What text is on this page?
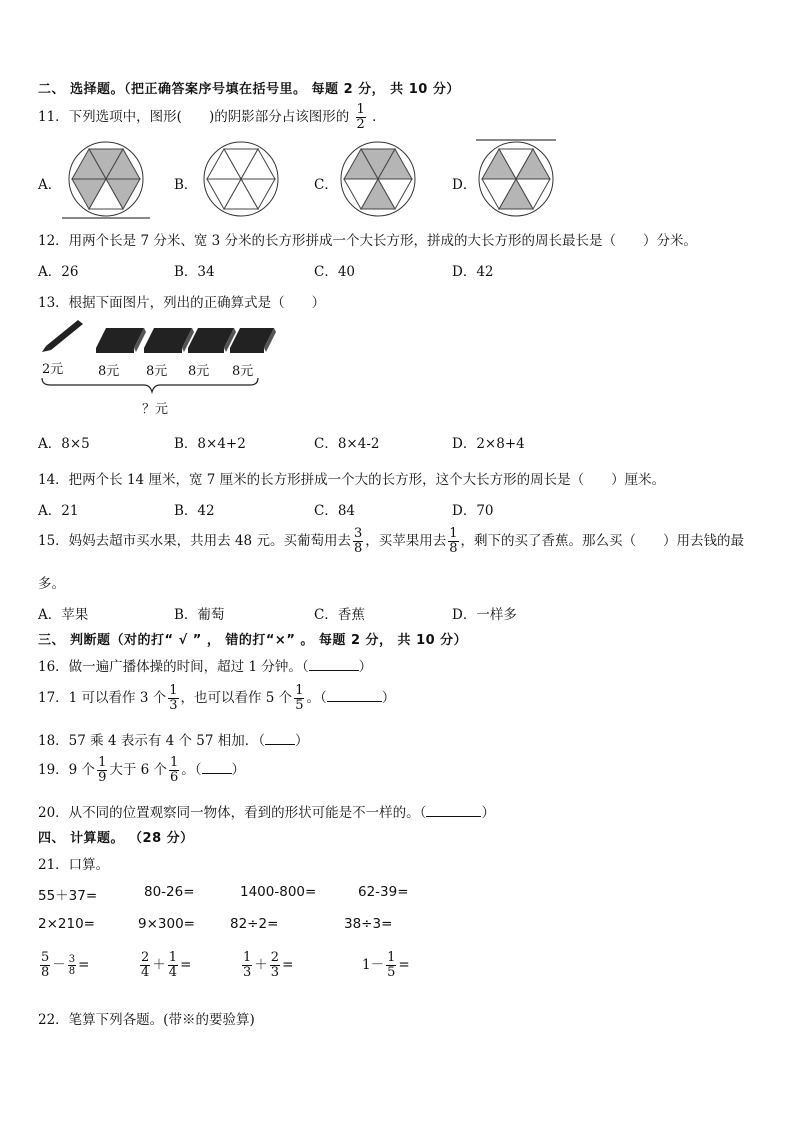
二、 选择题。（把正确答案序号填在括号里。 每题 2 分， 共 10 分）
11．下列选项中，图形(　　)的阴影部分占该图形的 $\frac{1}{2}$ ．
A．	B．	C．	D．
12．用两个长是 7 分米、宽 3 分米的长方形拼成一个大长方形，拼成的大长方形的周长最长是（　　）分米。
A．26	B．34	C．40	D．42
13．根据下面图片，列出的正确算式是（　　）
2元	8元 8元 8元 8元
？元
A．8×5	B．8×4+2	C．8×4-2	D．2×8+4
14．把两个长 14 厘米，宽 7 厘米的长方形拼成一个大的长方形，这个大长方形的周长是（　　）厘米。
A．21	B．42	C．84	D．70
15．妈妈去超市买水果，共用去 48 元。买葡萄用去 $\frac{3}{8}$ ，买苹果用去 $\frac{1}{8}$ ，剩下的买了香蕉。那么买（　　）用去钱的最
多。
A．苹果	B．葡萄	C．香蕉	D．一样多
三、 判断题（对的打“ √ ” ， 错的打“×” 。 每题 2 分， 共 10 分）
16．做一遍广播体操的时间，超过 1 分钟。（	）
17．1 可以看作 3 个 $\frac{1}{3}$ ，也可以看作 5 个 $\frac{1}{5}$ 。（	）
18．57 乘 4 表示有 4 个 57 相加．（ ）
19．9 个 $\frac{1}{9}$ 大于 6 个 $\frac{1}{6}$ 。（ ）
20．从不同的位置观察同一物体，看到的形状可能是不一样的。（	）
四、 计算题。 （28 分）
21．口算。
55＋37=	80-26=	1400-800=	62-39=
2×210=	9×300=	82÷2=	38÷3=
$\frac{5}{8} - \frac{3}{8}$ =	$\frac{2}{4} + \frac{1}{4}$ =	$\frac{1}{3} + \frac{2}{3}$ =	$1- \frac{1}{5}$ =
22．笔算下列各题。(带※的要验算)
